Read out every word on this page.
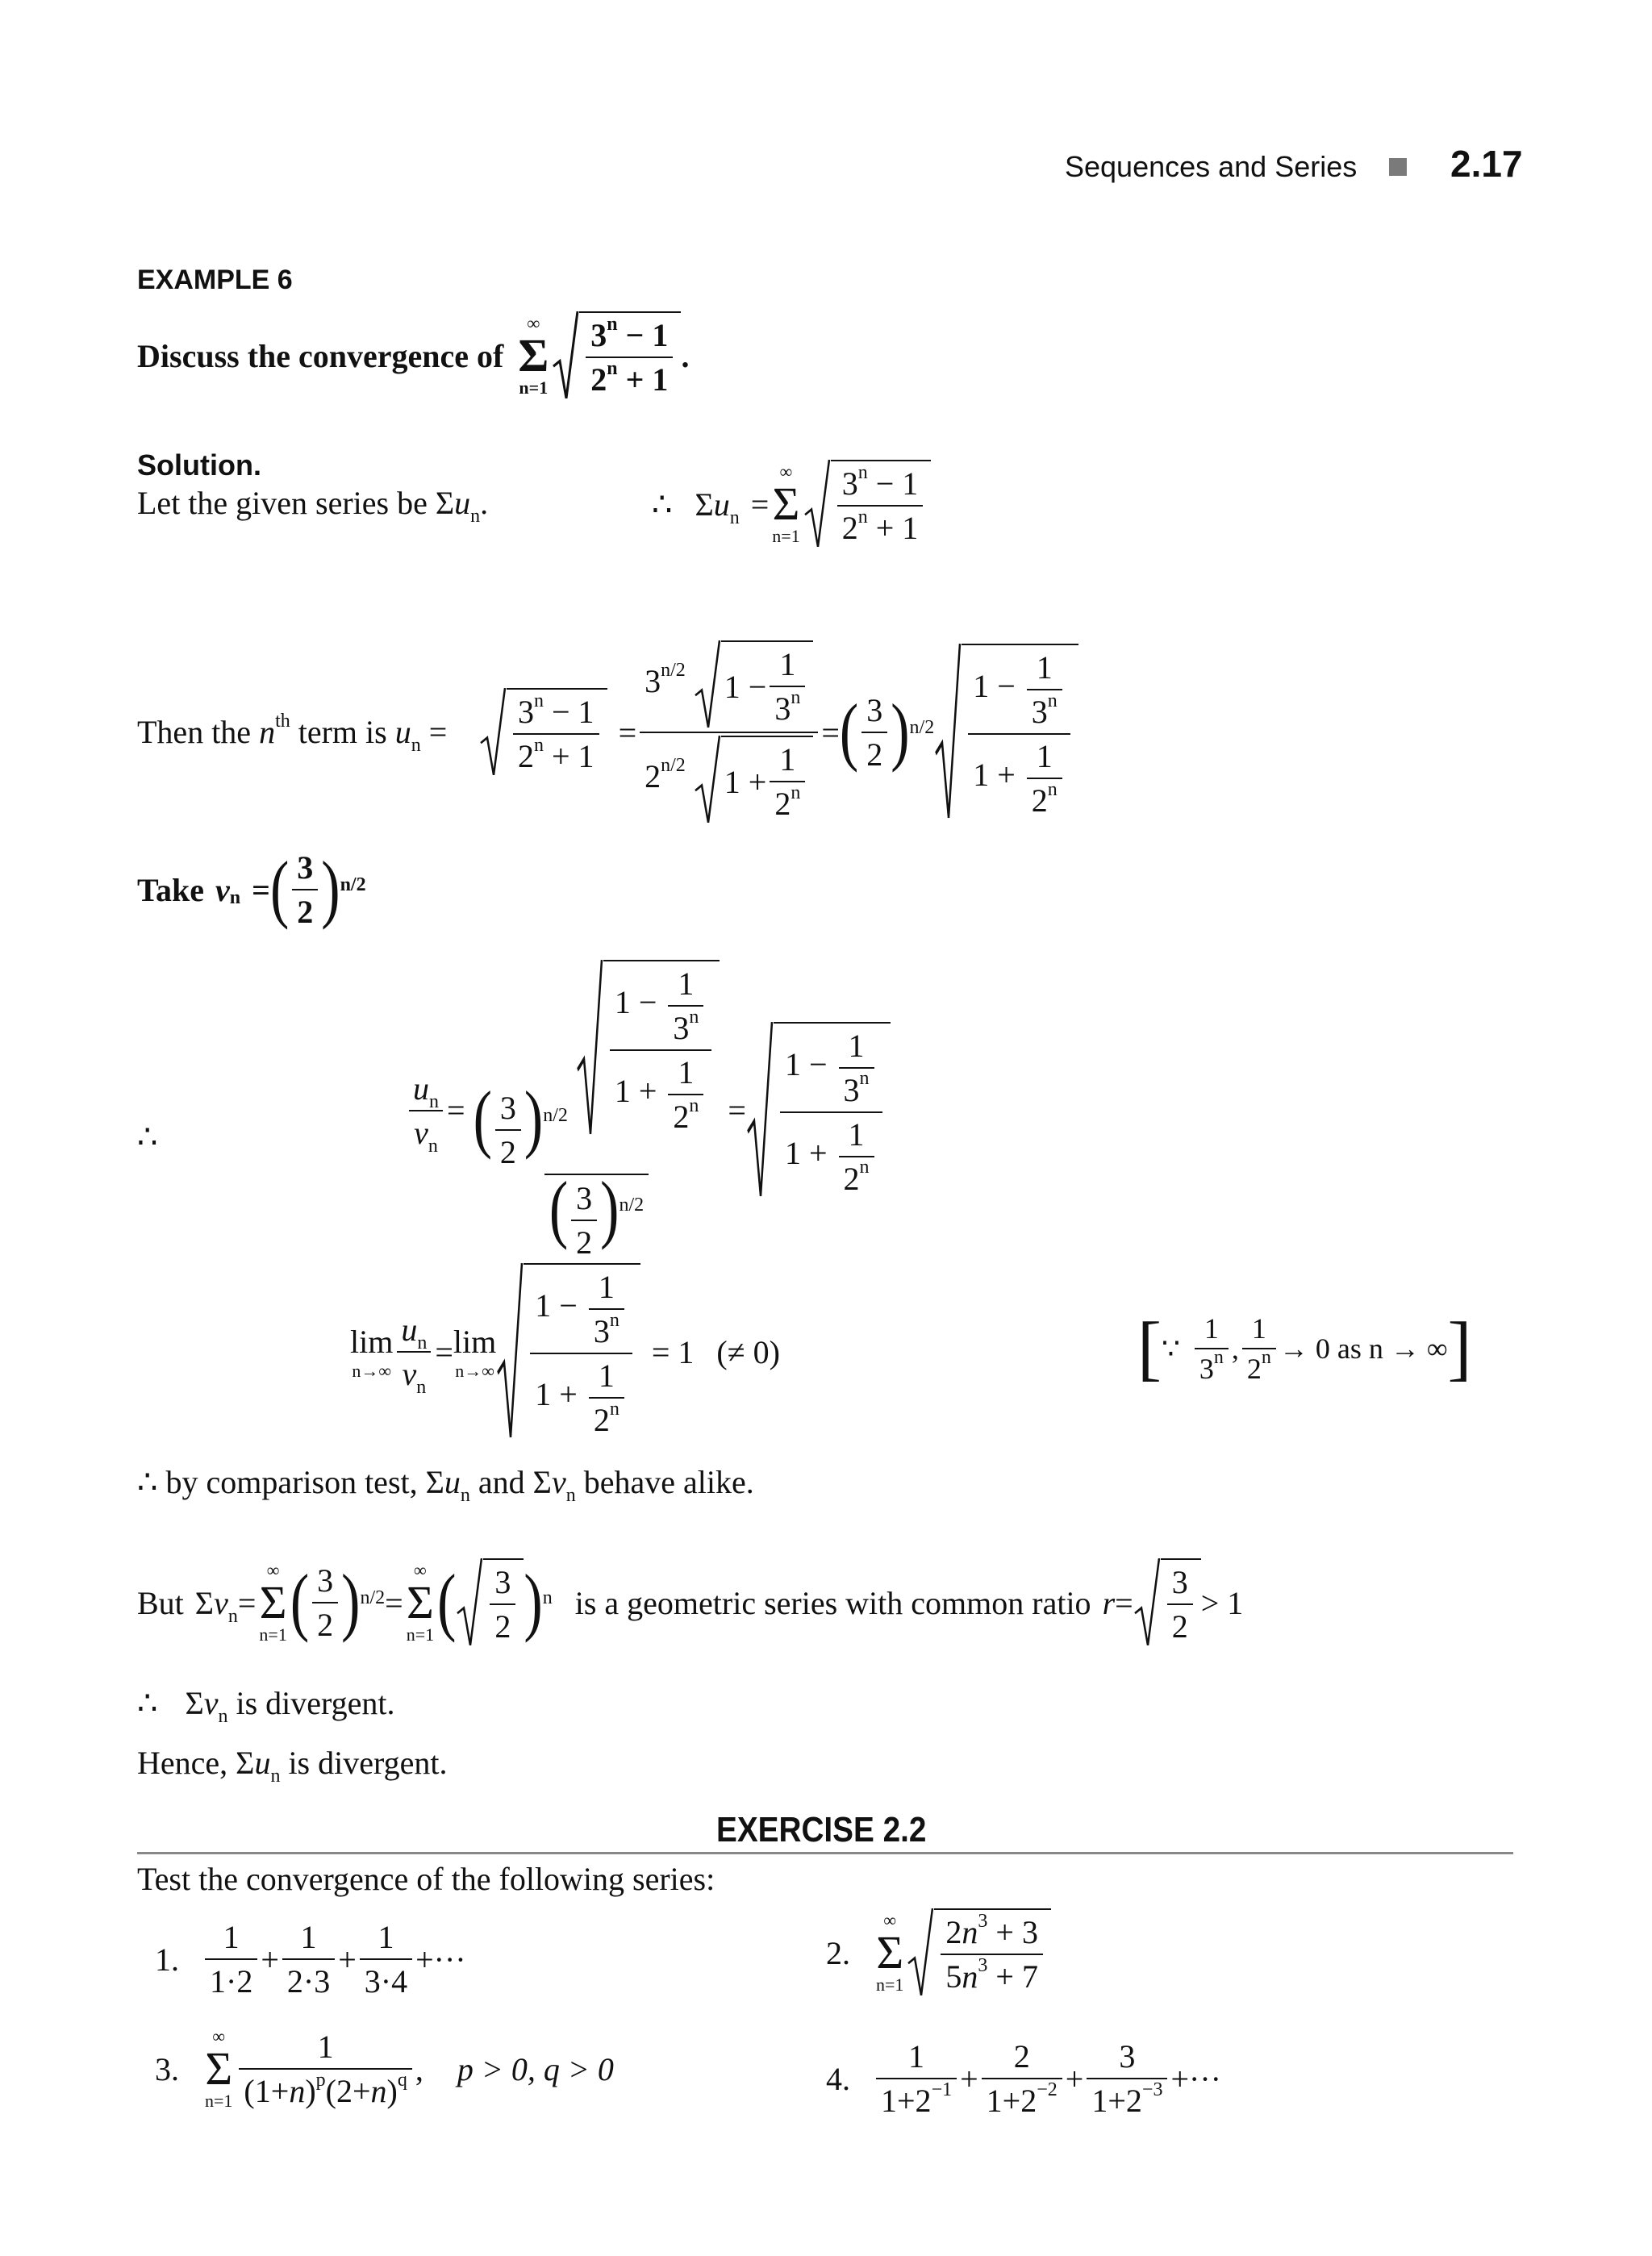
Sequences and Series	2.17
EXAMPLE 6
Discuss the convergence of
∞
Σ
$n=1 \frac{3^n - 1}{2^n + 1}$ .
Solution.
Let the given series be $\Sigma u_n$.	∴ $\Sigma u_n$ =
∞
Σ
$n=1 \frac{3^n - 1}{2^n + 1}$
Then the $n^{th}$ term is $u_n = \frac{3^n - 1}{2^n + 1} = \frac{3^{n/2} 1 - \frac{1}{3^n}}{2^{n/2} 1 + \frac{1}{2^n}}$ = ( $\frac{3}{2}$ ) $n/2 \frac{1 - \frac{1}{3^n}}{1 + \frac{1}{2^n}}$
Take v n = ( $\frac{3}{2}$ ) n/2
∴	$\frac{u_n}{v_n} = \frac{( \frac{3}{2} )^{n/2} \frac{1 - \frac{1}{3^n}}{1 + \frac{1}{2^n}}}{( \frac{3}{2} )^{n/2}} = \frac{1 - \frac{1}{3^n}}{1 + \frac{1}{2^n}}$
lim
$n\to\infty \frac{u_n}{v_n} = \lim$
$n\to\infty \frac{1 - \frac{1}{3^n}}{1 + \frac{1}{2^n}} = 1$ (≠ 0)	[ ∵ $\frac{1}{3^n}$ , $\frac{1}{2^n} \to 0$ as n → ∞ ]
∴ by comparison test, $\Sigma u_n$ and $\Sigma v_n$ behave alike.
But $\Sigma v_n$ =
∞
Σ
n=1 ( $\frac{3}{2}$ ) n/2 =
∞
Σ
n=1 ( $\frac{3}{2}$ ) n is a geometric series with common ratio $r = \frac{3}{2} > 1$
∴  $\Sigma v_n$ is divergent.
Hence, $\Sigma u_n$ is divergent.
EXERCISE 2.2
Test the convergence of the following series:
1. $\frac{1}{1\cdot 2} + \frac{1}{2\cdot 3} + \frac{1}{3\cdot 4}$ +···	2.
∞
Σ
$n=1 \frac{2n^3 + 3}{5n^3 + 7}$
3.
∞
Σ
$n=1 \frac{1}{(1+n)^p(2+n)^q}$ , p > 0, q > 0	4. $\frac{1}{1+2^{-1}} + \frac{2}{1+2^{-2}} + \frac{3}{1+2^{-3}}$ +···
